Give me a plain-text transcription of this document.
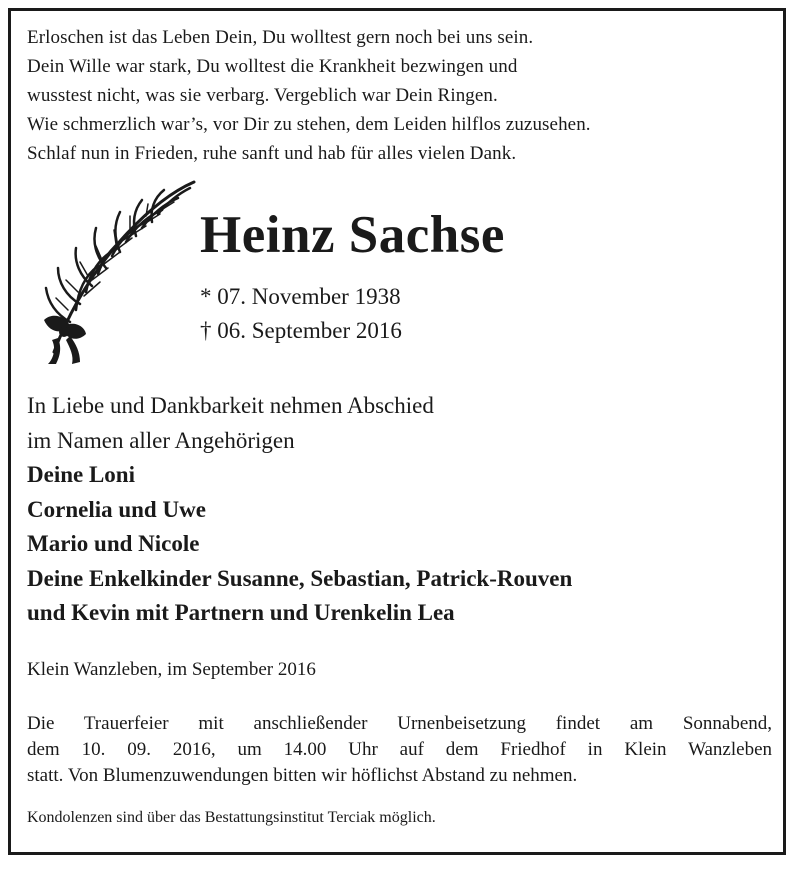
Erloschen ist das Leben Dein, Du wolltest gern noch bei uns sein.
Dein Wille war stark, Du wolltest die Krankheit bezwingen und
wusstest nicht, was sie verbarg. Vergeblich war Dein Ringen.
Wie schmerzlich war’s, vor Dir zu stehen, dem Leiden hilflos zuzusehen.
Schlaf nun in Frieden, ruhe sanft und hab für alles vielen Dank.
Heinz Sachse
* 07. November 1938
† 06. September 2016
In Liebe und Dankbarkeit nehmen Abschied
im Namen aller Angehörigen
Deine Loni
Cornelia und Uwe
Mario und Nicole
Deine Enkelkinder Susanne, Sebastian, Patrick-Rouven
und Kevin mit Partnern und Urenkelin Lea
Klein Wanzleben, im September 2016
Die Trauerfeier mit anschließender Urnenbeisetzung findet am Sonnabend,
dem 10. 09. 2016, um 14.00 Uhr auf dem Friedhof in Klein Wanzleben
statt. Von Blumenzuwendungen bitten wir höflichst Abstand zu nehmen.
Kondolenzen sind über das Bestattungsinstitut Terciak möglich.
